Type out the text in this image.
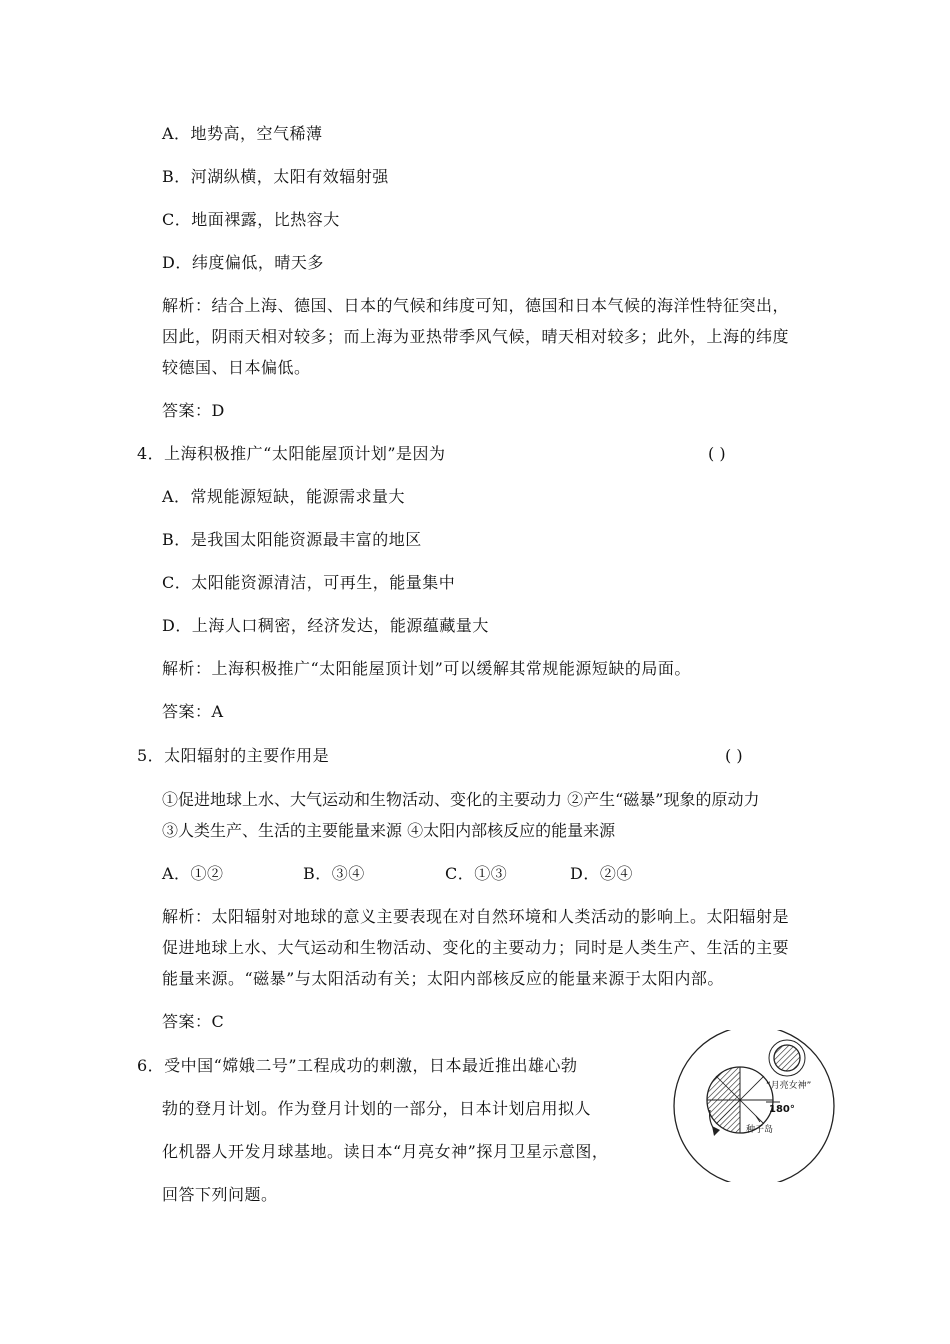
A．地势高，空气稀薄
B．河湖纵横，太阳有效辐射强
C．地面裸露，比热容大
D．纬度偏低，晴天多
解析：结合上海、德国、日本的气候和纬度可知，德国和日本气候的海洋性特征突出，
因此，阴雨天相对较多；而上海为亚热带季风气候，晴天相对较多；此外，上海的纬度
较德国、日本偏低。
答案：D
4．上海积极推广“太阳能屋顶计划”是因为	( )
A．常规能源短缺，能源需求量大
B．是我国太阳能资源最丰富的地区
C．太阳能资源清洁，可再生，能量集中
D．上海人口稠密，经济发达，能源蕴藏量大
解析：上海积极推广“太阳能屋顶计划”可以缓解其常规能源短缺的局面。
答案：A
5．太阳辐射的主要作用是	( )
①促进地球上水、大气运动和生物活动、变化的主要动力 ②产生“磁暴”现象的原动力
③人类生产、生活的主要能量来源 ④太阳内部核反应的能量来源
A．①②	B．③④	C．①③	D．②④
解析：太阳辐射对地球的意义主要表现在对自然环境和人类活动的影响上。太阳辐射是
促进地球上水、大气运动和生物活动、变化的主要动力；同时是人类生产、生活的主要
能量来源。“磁暴”与太阳活动有关；太阳内部核反应的能量来源于太阳内部。
答案：C
6．受中国“嫦娥二号”工程成功的刺激，日本最近推出雄心勃
勃的登月计划。作为登月计划的一部分，日本计划启用拟人
化机器人开发月球基地。读日本“月亮女神”探月卫星示意图，
回答下列问题。
“月亮女神”
180°
种子岛
